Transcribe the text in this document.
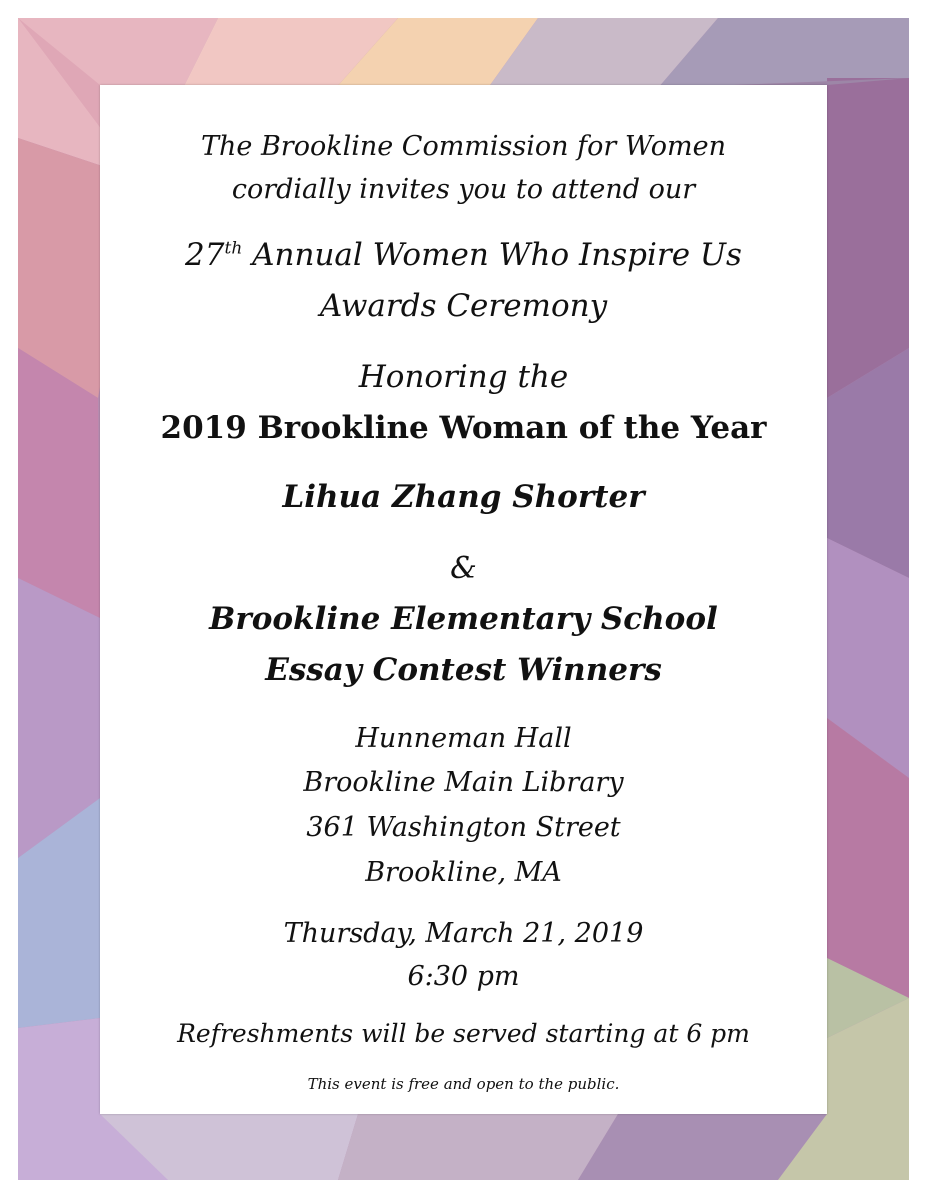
The Brookline Commission for Women
cordially invites you to attend our
27th Annual Women Who Inspire Us
Awards Ceremony
Honoring the
2019 Brookline Woman of the Year
Lihua Zhang Shorter
&
Brookline Elementary School
Essay Contest Winners
Hunneman Hall
Brookline Main Library
361 Washington Street
Brookline, MA
Thursday, March 21, 2019
6:30 pm
Refreshments will be served starting at 6 pm
This event is free and open to the public.
